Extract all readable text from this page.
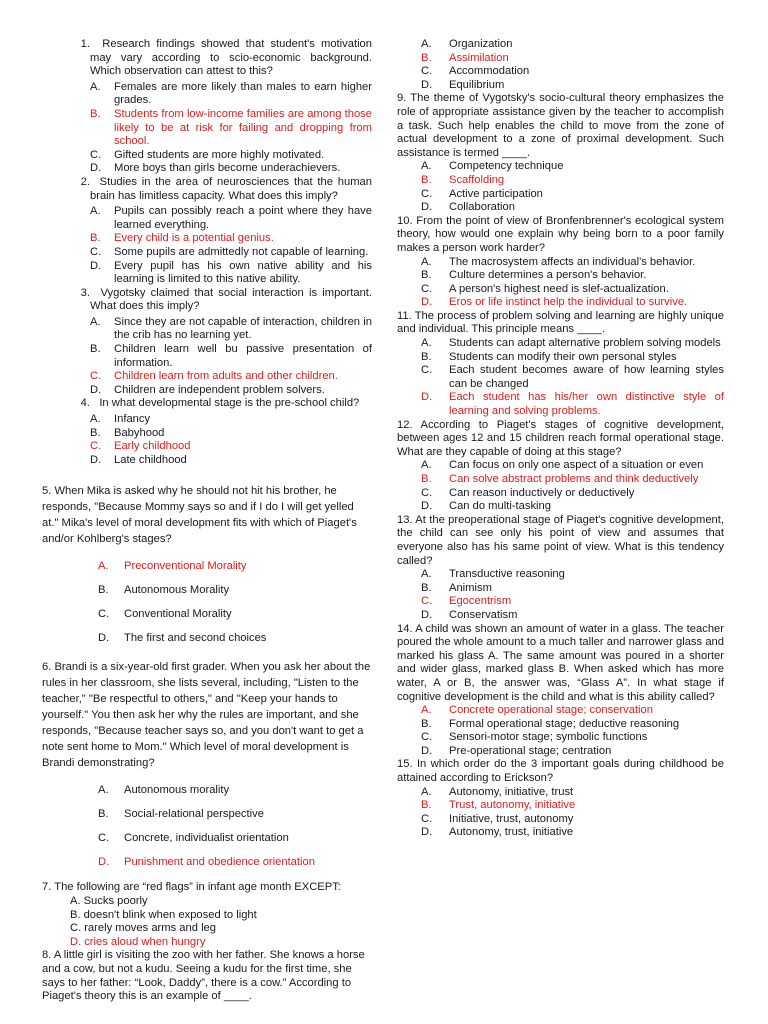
1. Research findings showed that student's motivation may vary according to scio-economic background. Which observation can attest to this?
A.	Females are more likely than males to earn higher grades.
B.	Students from low-income families are among those likely to be at risk for failing and dropping from school.
C.	Gifted students are more highly motivated.
D.	More boys than girls become underachievers.
2. Studies in the area of neurosciences that the human brain has limitless capacity. What does this imply?
A.	Pupils can possibly reach a point where they have learned everything.
B.	Every child is a potential genius.
C.	Some pupils are admittedly not capable of learning.
D.	Every pupil has his own native ability and his learning is limited to this native ability.
3. Vygotsky claimed that social interaction is important. What does this imply?
A.	Since they are not capable of interaction, children in the crib has no learning yet.
B.	Children learn well bu passive presentation of information.
C.	Children learn from adults and other children.
D.	Children are independent problem solvers.
4. In what developmental stage is the pre-school child?
A.	Infancy
B.	Babyhood
C.	Early childhood
D.	Late childhood
5. When Mika is asked why he should not hit his brother, he responds, "Because Mommy says so and if I do I will get yelled at." Mika's level of moral development fits with which of Piaget's and/or Kohlberg's stages?
A.	Preconventional Morality
B.	Autonomous Morality
C.	Conventional Morality
D.	The first and second choices
6. Brandi is a six-year-old first grader. When you ask her about the rules in her classroom, she lists several, including, "Listen to the teacher," "Be respectful to others," and "Keep your hands to yourself." You then ask her why the rules are important, and she responds, "Because teacher says so, and you don't want to get a note sent home to Mom." Which level of moral development is Brandi demonstrating?
A.	Autonomous morality
B.	Social-relational perspective
C.	Concrete, individualist orientation
D.	Punishment and obedience orientation
7. The following are “red flags” in infant age month EXCEPT:
A. Sucks poorly
B. doesn't blink when exposed to light
C. rarely moves arms and leg
D. cries aloud when hungry
8. A little girl is visiting the zoo with her father. She knows a horse and a cow, but not a kudu. Seeing a kudu for the first time, she says to her father: “Look, Daddy”, there is a cow.” According to Piaget's theory this is an example of ____.
A.	Organization
B.	Assimilation
C.	Accommodation
D.	Equilibrium
9. The theme of Vygotsky's socio-cultural theory emphasizes the role of appropriate assistance given by the teacher to accomplish a task. Such help enables the child to move from the zone of actual development to a zone of proximal development. Such assistance is termed ____.
A.	Competency technique
B.	Scaffolding
C.	Active participation
D.	Collaboration
10. From the point of view of Bronfenbrenner's ecological system theory, how would one explain why being born to a poor family makes a person work harder?
A.	The macrosystem affects an individual's behavior.
B.	Culture determines a person's behavior.
C.	A person's highest need is slef-actualization.
D.	Eros or life instinct help the individual to survive.
11. The process of problem solving and learning are highly unique and individual. This principle means ____.
A.	Students can adapt alternative problem solving models
B.	Students can modify their own personal styles
C.	Each student becomes aware of how learning styles can be changed
D.	Each student has his/her own distinctive style of learning and solving problems.
12. According to Piaget's stages of cognitive development, between ages 12 and 15 children reach formal operational stage. What are they capable of doing at this stage?
A.	Can focus on only one aspect of a situation or even
B.	Can solve abstract problems and think deductively
C.	Can reason inductively or deductively
D.	Can do multi-tasking
13. At the preoperational stage of Piaget's cognitive development, the child can see only his point of view and assumes that everyone also has his same point of view. What is this tendency called?
A.	Transductive reasoning
B.	Animism
C.	Egocentrism
D.	Conservatism
14. A child was shown an amount of water in a glass. The teacher poured the whole amount to a much taller and narrower glass and marked his glass A. The same amount was poured in a shorter and wider glass, marked glass B. When asked which has more water, A or B, the answer was, “Glass A”. In what stage if cognitive development is the child and what is this ability called?
A.	Concrete operational stage; conservation
B.	Formal operational stage; deductive reasoning
C.	Sensori-motor stage; symbolic functions
D.	Pre-operational stage; centration
15. In which order do the 3 important goals during childhood be attained according to Erickson?
A.	Autonomy, initiative, trust
B.	Trust, autonomy, initiative
C.	Initiative, trust, autonomy
D.	Autonomy, trust, initiative
